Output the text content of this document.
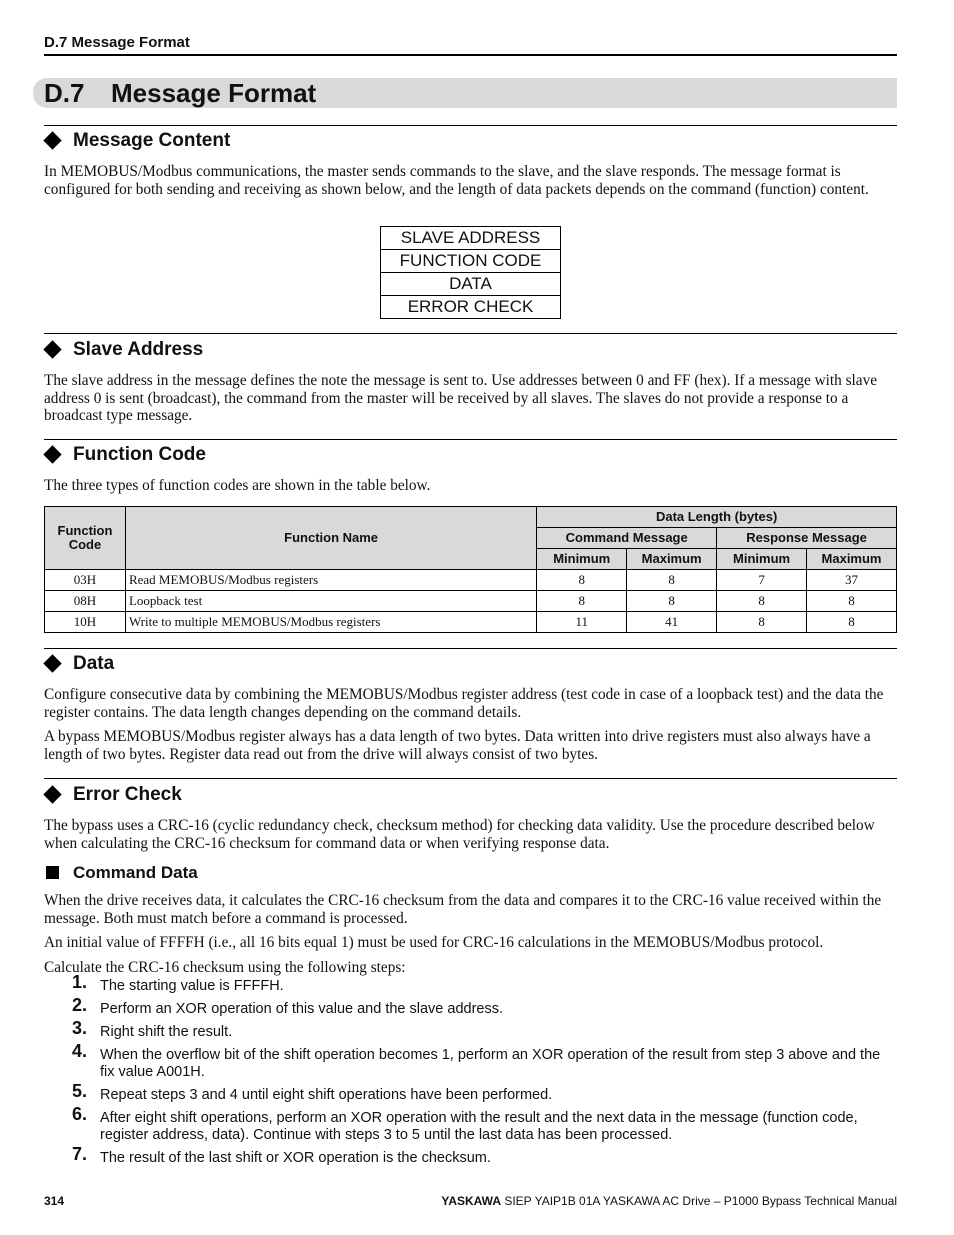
D.7 Message Format
D.7 Message Format
Message Content
In MEMOBUS/Modbus communications, the master sends commands to the slave, and the slave responds. The message format is configured for both sending and receiving as shown below, and the length of data packets depends on the command (function) content.
SLAVE ADDRESS
FUNCTION CODE
DATA
ERROR CHECK
Slave Address
The slave address in the message defines the note the message is sent to. Use addresses between 0 and FF (hex). If a message with slave address 0 is sent (broadcast), the command from the master will be received by all slaves. The slaves do not provide a response to a broadcast type message.
Function Code
The three types of function codes are shown in the table below.
Function Code	Function Name	Data Length (bytes)			
		Command Message		Response Message	
		Minimum	Maximum	Minimum	Maximum
03H	Read MEMOBUS/Modbus registers	8	8	7	37
08H	Loopback test	8	8	8	8
10H	Write to multiple MEMOBUS/Modbus registers	11	41	8	8
Data
Configure consecutive data by combining the MEMOBUS/Modbus register address (test code in case of a loopback test) and the data the register contains. The data length changes depending on the command details.
A bypass MEMOBUS/Modbus register always has a data length of two bytes. Data written into drive registers must also always have a length of two bytes. Register data read out from the drive will always consist of two bytes.
Error Check
The bypass uses a CRC-16 (cyclic redundancy check, checksum method) for checking data validity. Use the procedure described below when calculating the CRC-16 checksum for command data or when verifying response data.
Command Data
When the drive receives data, it calculates the CRC-16 checksum from the data and compares it to the CRC-16 value received within the message. Both must match before a command is processed.
An initial value of FFFFH (i.e., all 16 bits equal 1) must be used for CRC-16 calculations in the MEMOBUS/Modbus protocol.
Calculate the CRC-16 checksum using the following steps:
1. The starting value is FFFFH.
2. Perform an XOR operation of this value and the slave address.
3. Right shift the result.
4. When the overflow bit of the shift operation becomes 1, perform an XOR operation of the result from step 3 above and the fix value A001H.
5. Repeat steps 3 and 4 until eight shift operations have been performed.
6. After eight shift operations, perform an XOR operation with the result and the next data in the message (function code, register address, data). Continue with steps 3 to 5 until the last data has been processed.
7. The result of the last shift or XOR operation is the checksum.
314	YASKAWA SIEP YAIP1B 01A YASKAWA AC Drive – P1000 Bypass Technical Manual
